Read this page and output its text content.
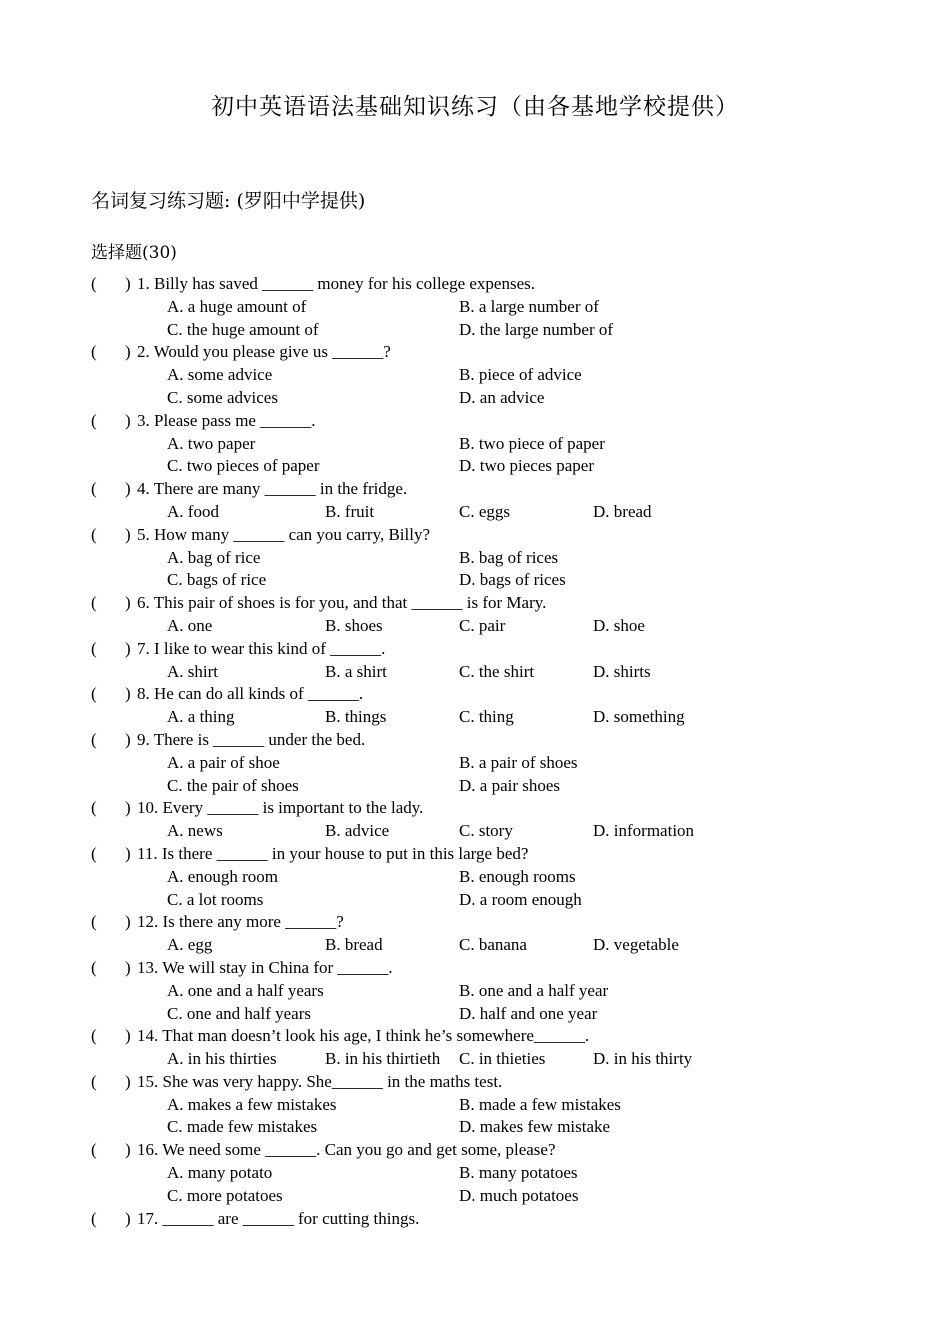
初中英语语法基础知识练习（由各基地学校提供）
名词复习练习题: (罗阳中学提供)
选择题(30)
( ) 1. Billy has saved ______ money for his college expenses.
A. a huge amount of	B. a large number of
C. the huge amount of	D. the large number of
( ) 2. Would you please give us ______?
A. some advice	B. piece of advice
C. some advices	D. an advice
( ) 3. Please pass me ______.
A. two paper	B. two piece of paper
C. two pieces of paper	D. two pieces paper
( ) 4. There are many ______ in the fridge.
A. food	B. fruit	C. eggs	D. bread
( ) 5. How many ______ can you carry, Billy?
A. bag of rice	B. bag of rices
C. bags of rice	D. bags of rices
( ) 6. This pair of shoes is for you, and that ______ is for Mary.
A. one	B. shoes	C. pair	D. shoe
( ) 7. I like to wear this kind of ______.
A. shirt	B. a shirt	C. the shirt	D. shirts
( ) 8. He can do all kinds of ______.
A. a thing	B. things	C. thing	D. something
( ) 9. There is ______ under the bed.
A. a pair of shoe	B. a pair of shoes
C. the pair of shoes	D. a pair shoes
( ) 10. Every ______ is important to the lady.
A. news	B. advice	C. story	D. information
( ) 11. Is there ______ in your house to put in this large bed?
A. enough room	B. enough rooms
C. a lot rooms	D. a room enough
( ) 12. Is there any more ______?
A. egg	B. bread	C. banana	D. vegetable
( ) 13. We will stay in China for ______.
A. one and a half years	B. one and a half year
C. one and half years	D. half and one year
( ) 14. That man doesn’t look his age, I think he’s somewhere______.
A. in his thirties	B. in his thirtieth C. in thieties	D. in his thirty
( ) 15. She was very happy. She______ in the maths test.
A. makes a few mistakes	B. made a few mistakes
C. made few mistakes	D. makes few mistake
( ) 16. We need some ______. Can you go and get some, please?
A. many potato	B. many potatoes
C. more potatoes	D. much potatoes
( ) 17. ______ are ______ for cutting things.
